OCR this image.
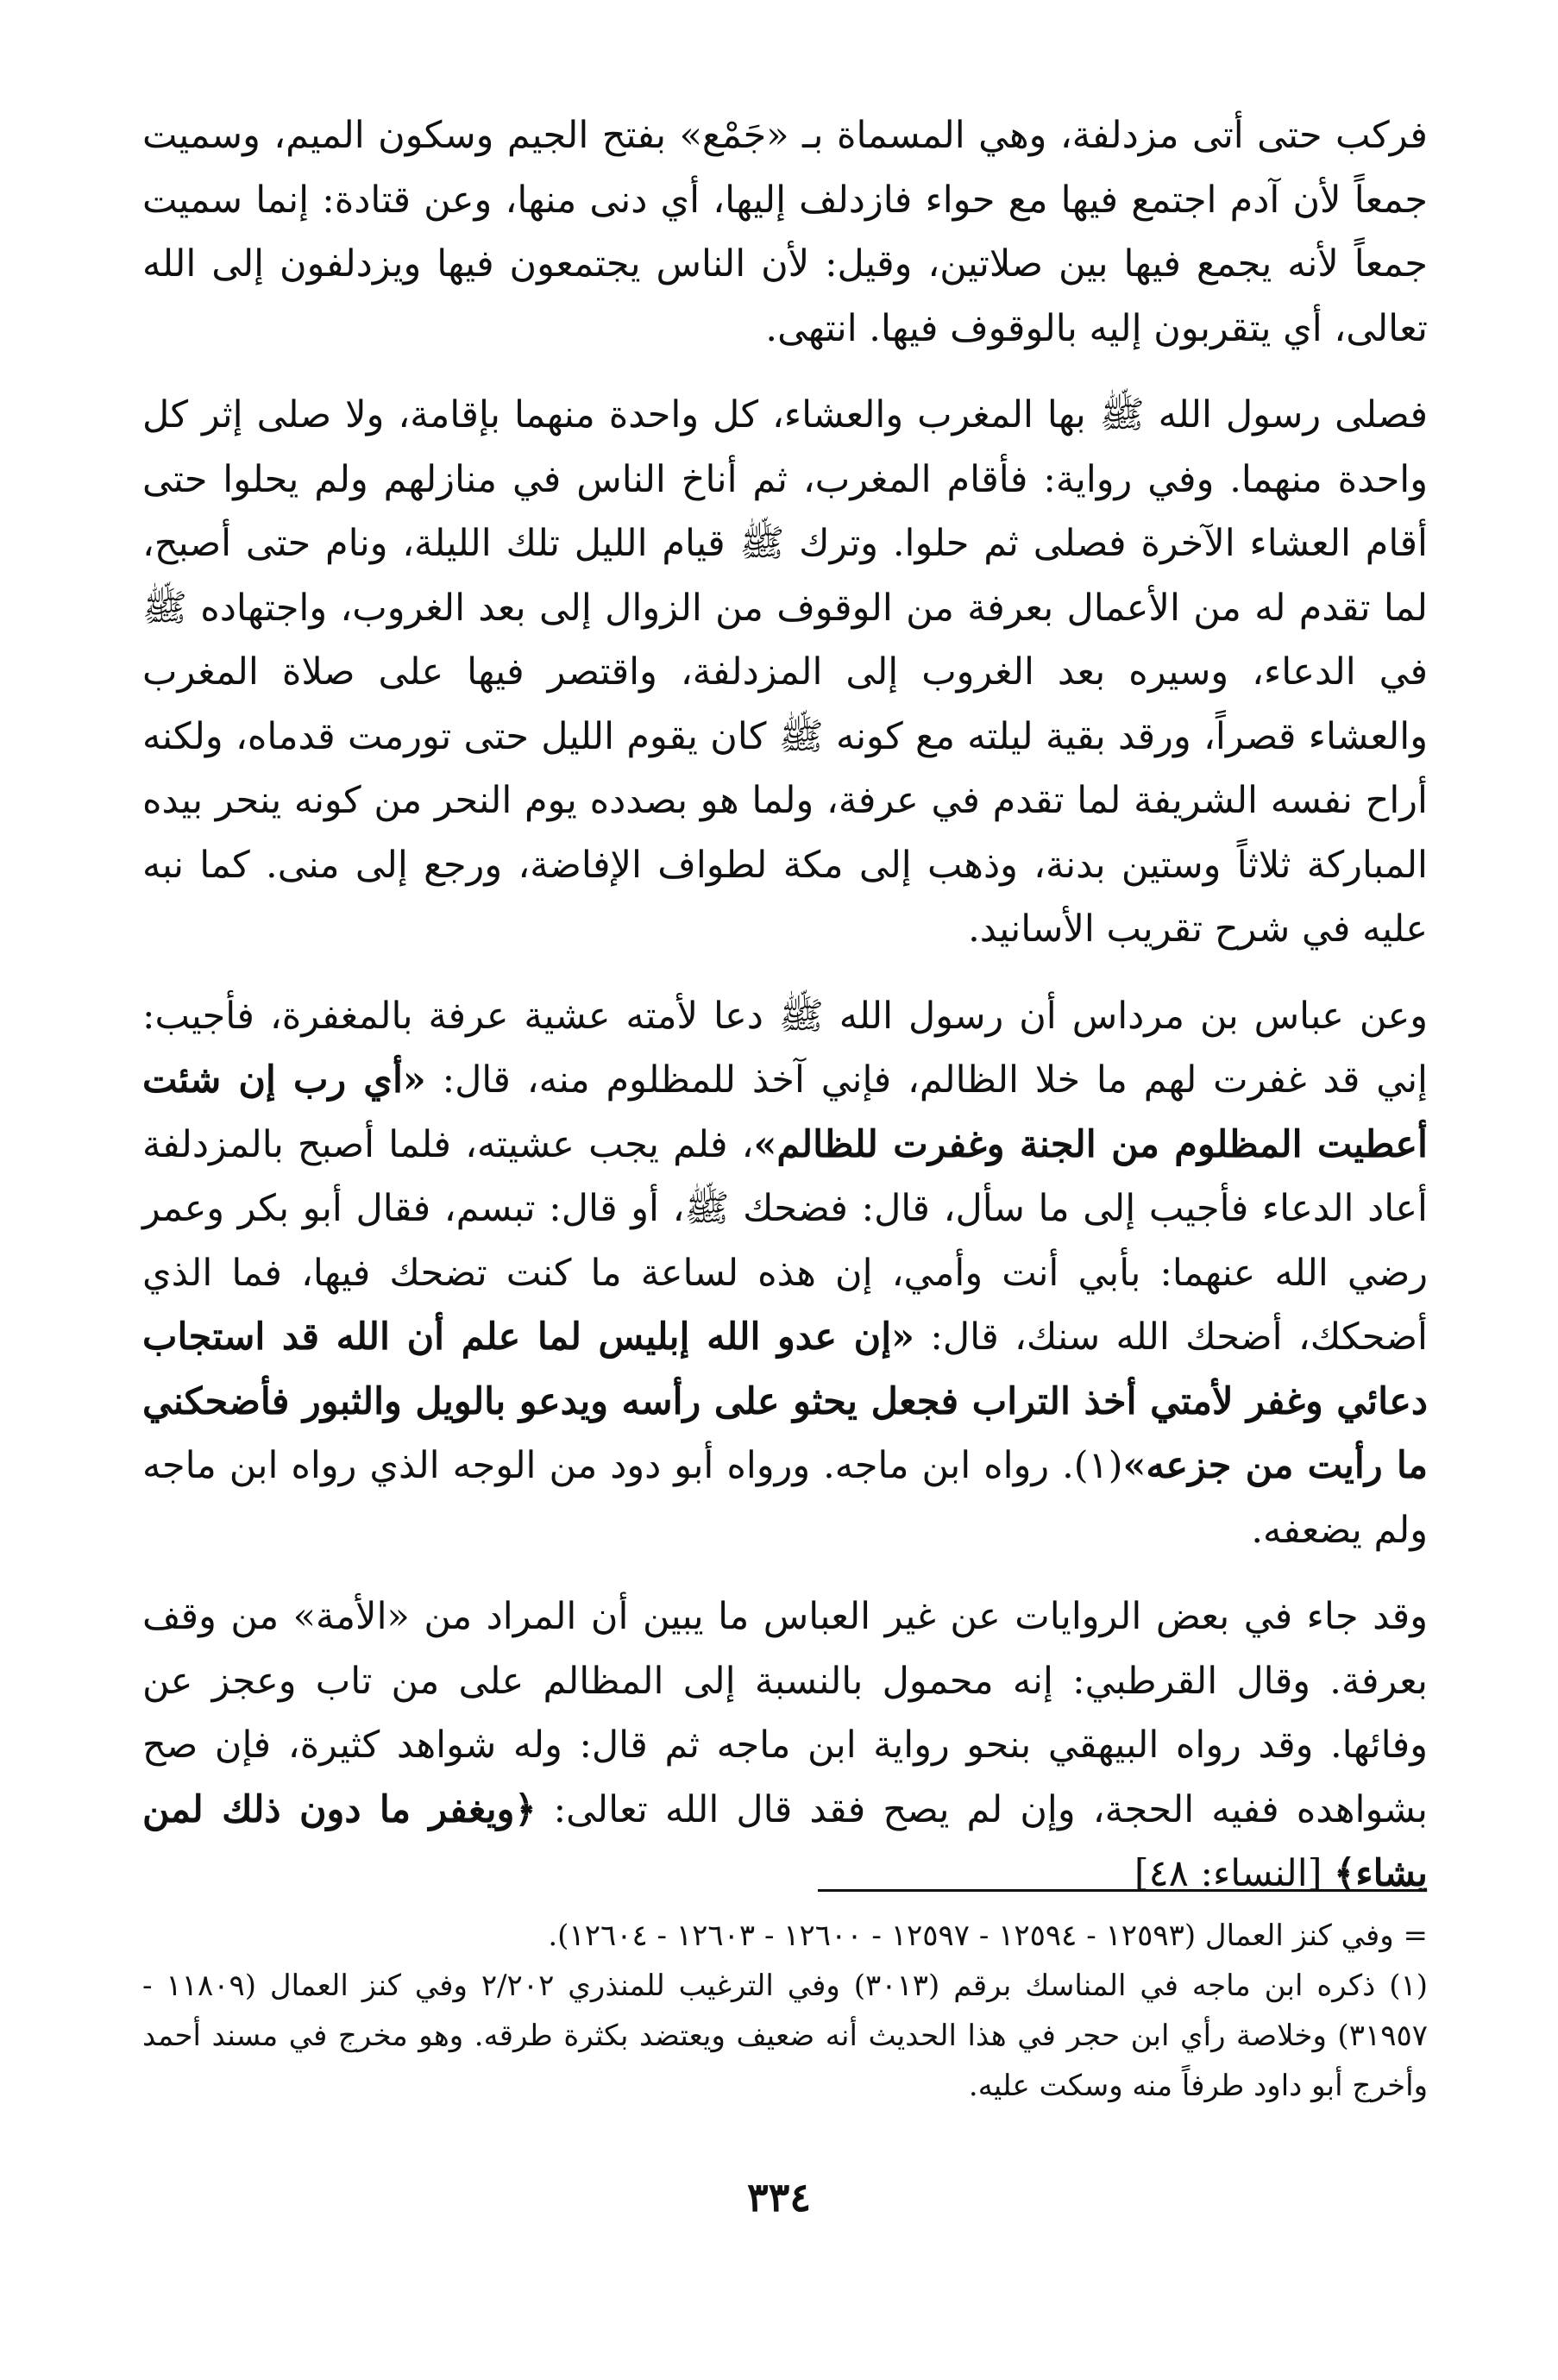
فركب حتى أتى مزدلفة، وهي المسماة بـ «جَمْع» بفتح الجيم وسكون الميم، وسميت جمعاً لأن آدم اجتمع فيها مع حواء فازدلف إليها، أي دنى منها، وعن قتادة: إنما سميت جمعاً لأنه يجمع فيها بين صلاتين، وقيل: لأن الناس يجتمعون فيها ويزدلفون إلى الله تعالى، أي يتقربون إليه بالوقوف فيها. انتهى.

فصلى رسول الله ﷺ بها المغرب والعشاء، كل واحدة منهما بإقامة، ولا صلى إثر كل واحدة منهما. وفي رواية: فأقام المغرب، ثم أناخ الناس في منازلهم ولم يحلوا حتى أقام العشاء الآخرة فصلى ثم حلوا. وترك ﷺ قيام الليل تلك الليلة، ونام حتى أصبح، لما تقدم له من الأعمال بعرفة من الوقوف من الزوال إلى بعد الغروب، واجتهاده ﷺ في الدعاء، وسيره بعد الغروب إلى المزدلفة، واقتصر فيها على صلاة المغرب والعشاء قصراً، ورقد بقية ليلته مع كونه ﷺ كان يقوم الليل حتى تورمت قدماه، ولكنه أراح نفسه الشريفة لما تقدم في عرفة، ولما هو بصدده يوم النحر من كونه ينحر بيده المباركة ثلاثاً وستين بدنة، وذهب إلى مكة لطواف الإفاضة، ورجع إلى منى. كما نبه عليه في شرح تقريب الأسانيد.

وعن عباس بن مرداس أن رسول الله ﷺ دعا لأمته عشية عرفة بالمغفرة، فأجيب: إني قد غفرت لهم ما خلا الظالم، فإني آخذ للمظلوم منه، قال: «أي رب إن شئت أعطيت المظلوم من الجنة وغفرت للظالم»، فلم يجب عشيته، فلما أصبح بالمزدلفة أعاد الدعاء فأجيب إلى ما سأل، قال: فضحك ﷺ، أو قال: تبسم، فقال أبو بكر وعمر رضي الله عنهما: بأبي أنت وأمي، إن هذه لساعة ما كنت تضحك فيها، فما الذي أضحكك، أضحك الله سنك، قال: «إن عدو الله إبليس لما علم أن الله قد استجاب دعائي وغفر لأمتي أخذ التراب فجعل يحثو على رأسه ويدعو بالويل والثبور فأضحكني ما رأيت من جزعه»(١). رواه ابن ماجه. ورواه أبو دود من الوجه الذي رواه ابن ماجه ولم يضعفه.

وقد جاء في بعض الروايات عن غير العباس ما يبين أن المراد من «الأمة» من وقف بعرفة. وقال القرطبي: إنه محمول بالنسبة إلى المظالم على من تاب وعجز عن وفائها. وقد رواه البيهقي بنحو رواية ابن ماجه ثم قال: وله شواهد كثيرة، فإن صح بشواهده ففيه الحجة، وإن لم يصح فقد قال الله تعالى: ﴿ويغفر ما دون ذلك لمن يشاء﴾ [النساء: ٤٨]

= وفي كنز العمال (١٢٥٩٣ - ١٢٥٩٤ - ١٢٥٩٧ - ١٢٦٠٠ - ١٢٦٠٣ - ١٢٦٠٤).

(١) ذكره ابن ماجه في المناسك برقم (٣٠١٣) وفي الترغيب للمنذري ٢/٢٠٢ وفي كنز العمال (١١٨٠٩ - ٣١٩٥٧) وخلاصة رأي ابن حجر في هذا الحديث أنه ضعيف ويعتضد بكثرة طرقه. وهو مخرج في مسند أحمد وأخرج أبو داود طرفاً منه وسكت عليه.

٣٣٤
